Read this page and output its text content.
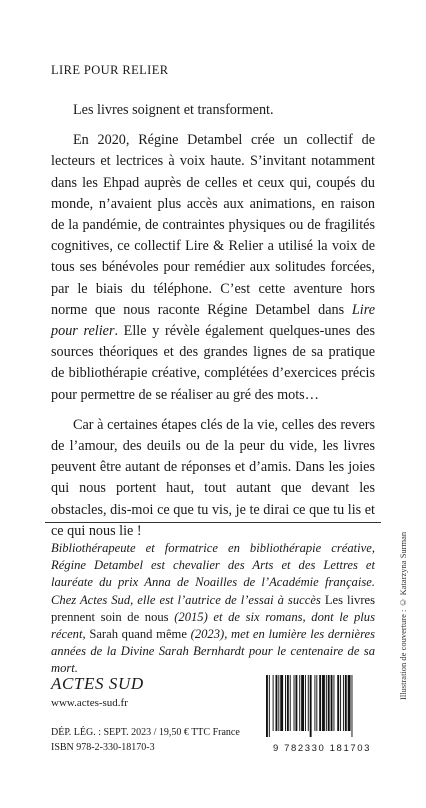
LIRE POUR RELIER

Les livres soignent et transforment.

En 2020, Régine Detambel crée un collectif de lecteurs et lectrices à voix haute. S’invitant notamment dans les Ehpad auprès de celles et ceux qui, coupés du monde, n’avaient plus accès aux animations, en raison de la pandémie, de contraintes physiques ou de fragilités cognitives, ce collectif Lire & Relier a utilisé la voix de tous ses bénévoles pour remédier aux solitudes forcées, par le biais du téléphone. C’est cette aventure hors norme que nous raconte Régine Detambel dans Lire pour relier. Elle y révèle également quelques-unes des sources théoriques et des grandes lignes de sa pratique de bibliothérapie créative, complétées d’exercices précis pour permettre de se réaliser au gré des mots…

Car à certaines étapes clés de la vie, celles des revers de l’amour, des deuils ou de la peur du vide, les livres peuvent être autant de réponses et d’amis. Dans les joies qui nous portent haut, tout autant que devant les obstacles, dis-moi ce que tu vis, je te dirai ce que tu lis et ce qui nous lie !

Bibliothérapeute et formatrice en bibliothérapie créative, Régine Detambel est chevalier des Arts et des Lettres et lauréate du prix Anna de Noailles de l’Académie française. Chez Actes Sud, elle est l’autrice de l’essai à succès Les livres prennent soin de nous (2015) et de six romans, dont le plus récent, Sarah quand même (2023), met en lumière les dernières années de la Divine Sarah Bernhardt pour le centenaire de sa mort.	Illustration de couverture : © Katarzyna Surman
ACTES SUD
www.actes-sud.fr
DÉP. LÉG. : SEPT. 2023 / 19,50 € TTC France
ISBN 978-2-330-18170-3	9 782330 181703
